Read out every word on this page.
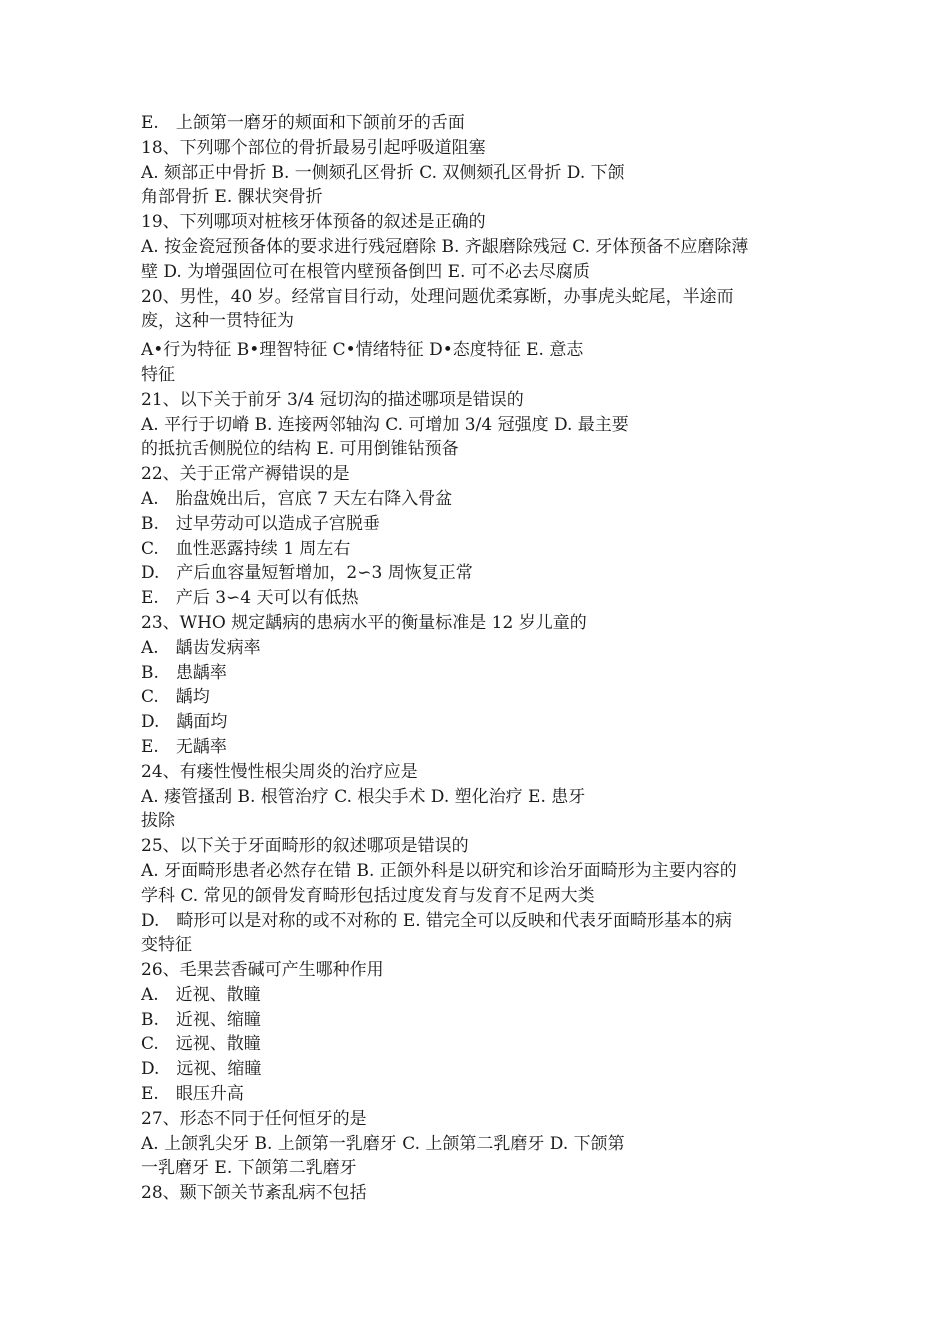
E.　上颌第一磨牙的颊面和下颌前牙的舌面
18、下列哪个部位的骨折最易引起呼吸道阻塞
A. 颏部正中骨折 B. 一侧颏孔区骨折 C. 双侧颏孔区骨折 D. 下颌
角部骨折 E. 髁状突骨折
19、下列哪项对桩核牙体预备的叙述是正确的
A. 按金瓷冠预备体的要求进行残冠磨除 B. 齐龈磨除残冠 C. 牙体预备不应磨除薄
壁 D. 为增强固位可在根管内壁预备倒凹 E. 可不必去尽腐质
20、男性，40 岁。经常盲目行动，处理问题优柔寡断，办事虎头蛇尾，半途而
废，这种一贯特征为
A•行为特征 B•理智特征 C•情绪特征 D•态度特征 E. 意志
特征
21、以下关于前牙 3/4 冠切沟的描述哪项是错误的
A. 平行于切嵴 B. 连接两邻轴沟 C. 可增加 3/4 冠强度 D. 最主要
的抵抗舌侧脱位的结构 E. 可用倒锥钻预备
22、关于正常产褥错误的是
A.　胎盘娩出后，宫底 7 天左右降入骨盆
B.　过早劳动可以造成子宫脱垂
C.　血性恶露持续 1 周左右
D.　产后血容量短暂增加，2∽3 周恢复正常
E.　产后 3∽4 天可以有低热
23、WHO 规定龋病的患病水平的衡量标准是 12 岁儿童的
A.　龋齿发病率
B.　患龋率
C.　龋均
D.　龋面均
E.　无龋率
24、有瘘性慢性根尖周炎的治疗应是
A. 瘘管搔刮 B. 根管治疗 C. 根尖手术 D. 塑化治疗 E. 患牙
拔除
25、以下关于牙面畸形的叙述哪项是错误的
A. 牙面畸形患者必然存在错 B. 正颌外科是以研究和诊治牙面畸形为主要内容的
学科 C. 常见的颌骨发育畸形包括过度发育与发育不足两大类
D.　畸形可以是对称的或不对称的 E. 错完全可以反映和代表牙面畸形基本的病
变特征
26、毛果芸香碱可产生哪种作用
A.　近视、散瞳
B.　近视、缩瞳
C.　远视、散瞳
D.　远视、缩瞳
E.　眼压升高
27、形态不同于任何恒牙的是
A. 上颌乳尖牙 B. 上颌第一乳磨牙 C. 上颌第二乳磨牙 D. 下颌第
一乳磨牙 E. 下颌第二乳磨牙
28、颞下颌关节紊乱病不包括
